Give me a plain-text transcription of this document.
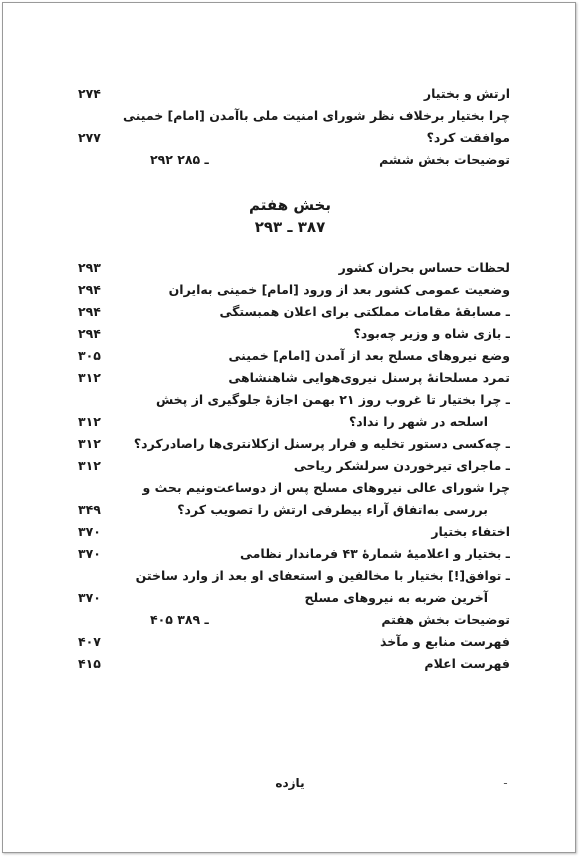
ارتش و بختیار
۲۷۴
چرا بختیار برخلاف نظر شورای امنیت ملی باآمدن [امام] خمینی
موافقت کرد؟
۲۷۷
توضیحات بخش ششم
۲۹۲ ـ ۲۸۵
بخش هفتم
۳۸۷ ـ ۲۹۳
لحظات حساس بحران کشور
۲۹۳
وضعیت عمومی کشور بعد از ورود [امام] خمینی به‌ایران
۲۹۴
ـ مسابقهٔ مقامات مملکتی برای اعلان همبستگی
۲۹۴
ـ بازی شاه و وزیر چه‌بود؟
۲۹۴
وضع نیروهای مسلح بعد از آمدن [امام] خمینی
۳۰۵
تمرد مسلحانهٔ پرسنل نیروی‌هوایی شاهنشاهی
۳۱۲
ـ چرا بختیار تا غروب روز ۲۱ بهمن اجازهٔ جلوگیری از پخش
اسلحه در شهر را نداد؟
۳۱۲
ـ چه‌کسی دستور تخلیه و فرار پرسنل ازکلانتری‌ها راصادرکرد؟
۳۱۲
ـ ماجرای تیرخوردن سرلشکر ریاحی
۳۱۲
چرا شورای عالی نیروهای مسلح پس از دوساعت‌ونیم بحث و
بررسی به‌اتفاق آراء بیطرفی ارتش را تصویب کرد؟
۳۴۹
اختفاء بختیار
۳۷۰
ـ بختیار و اعلامیهٔ شمارهٔ ۴۳ فرماندار نظامی
۳۷۰
ـ توافق[!] بختیار با مخالفین و استعفای او بعد از وارد ساختن
آخرین ضربه به نیروهای مسلح
۳۷۰
توضیحات بخش هفتم
۴۰۵ ـ ۳۸۹
فهرست منابع و مآخذ
۴۰۷
فهرست اعلام
۴۱۵
یازده	ـ
